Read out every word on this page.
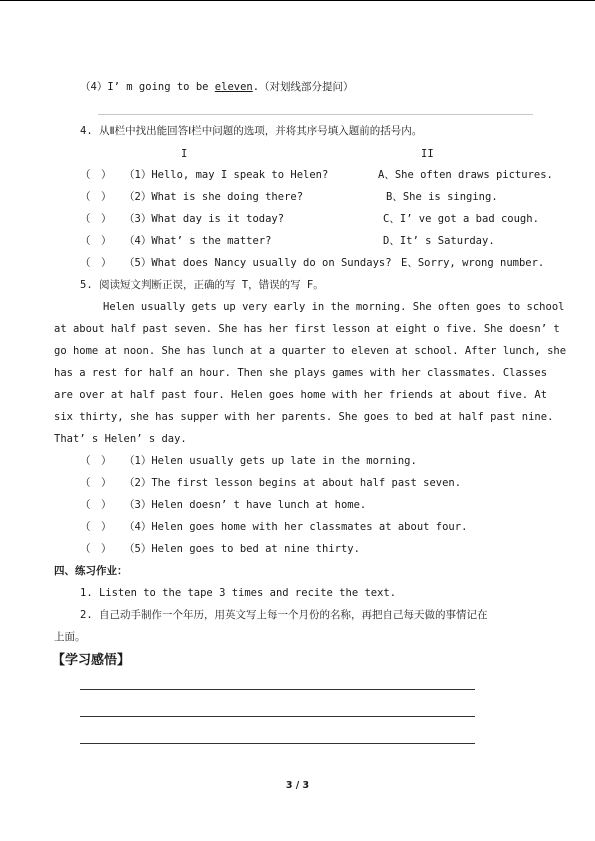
（4）I’ m going to be eleven.（对划线部分提问）
4. 从Ⅱ栏中找出能回答Ⅰ栏中问题的选项，并将其序号填入题前的括号内。
I	II
（　） （1）Hello, may I speak to Helen?	A、She often draws pictures.
（　） （2）What is she doing there?	B、She is singing.
（　） （3）What day is it today?	C、I’ ve got a bad cough.
（　） （4）What’ s the matter?	D、It’ s Saturday.
（　） （5）What does Nancy usually do on Sundays? E、Sorry, wrong number.
5. 阅读短文判断正误，正确的写 T，错误的写 F。
Helen usually gets up very early in the morning. She often goes to school
at about half past seven. She has her first lesson at eight o five. She doesn’ t
go home at noon. She has lunch at a quarter to eleven at school. After lunch, she
has a rest for half an hour. Then she plays games with her classmates. Classes
are over at half past four. Helen goes home with her friends at about five. At
six thirty, she has supper with her parents. She goes to bed at half past nine.
That’ s Helen’ s day.
（　） （1）Helen usually gets up late in the morning.
（　） （2）The first lesson begins at about half past seven.
（　） （3）Helen doesn’ t have lunch at home.
（　） （4）Helen goes home with her classmates at about four.
（　） （5）Helen goes to bed at nine thirty.
四、练习作业：
1. Listen to the tape 3 times and recite the text.
2. 自己动手制作一个年历，用英文写上每一个月份的名称，再把自己每天做的事情记在
上面。
【学习感悟】
3 / 3
